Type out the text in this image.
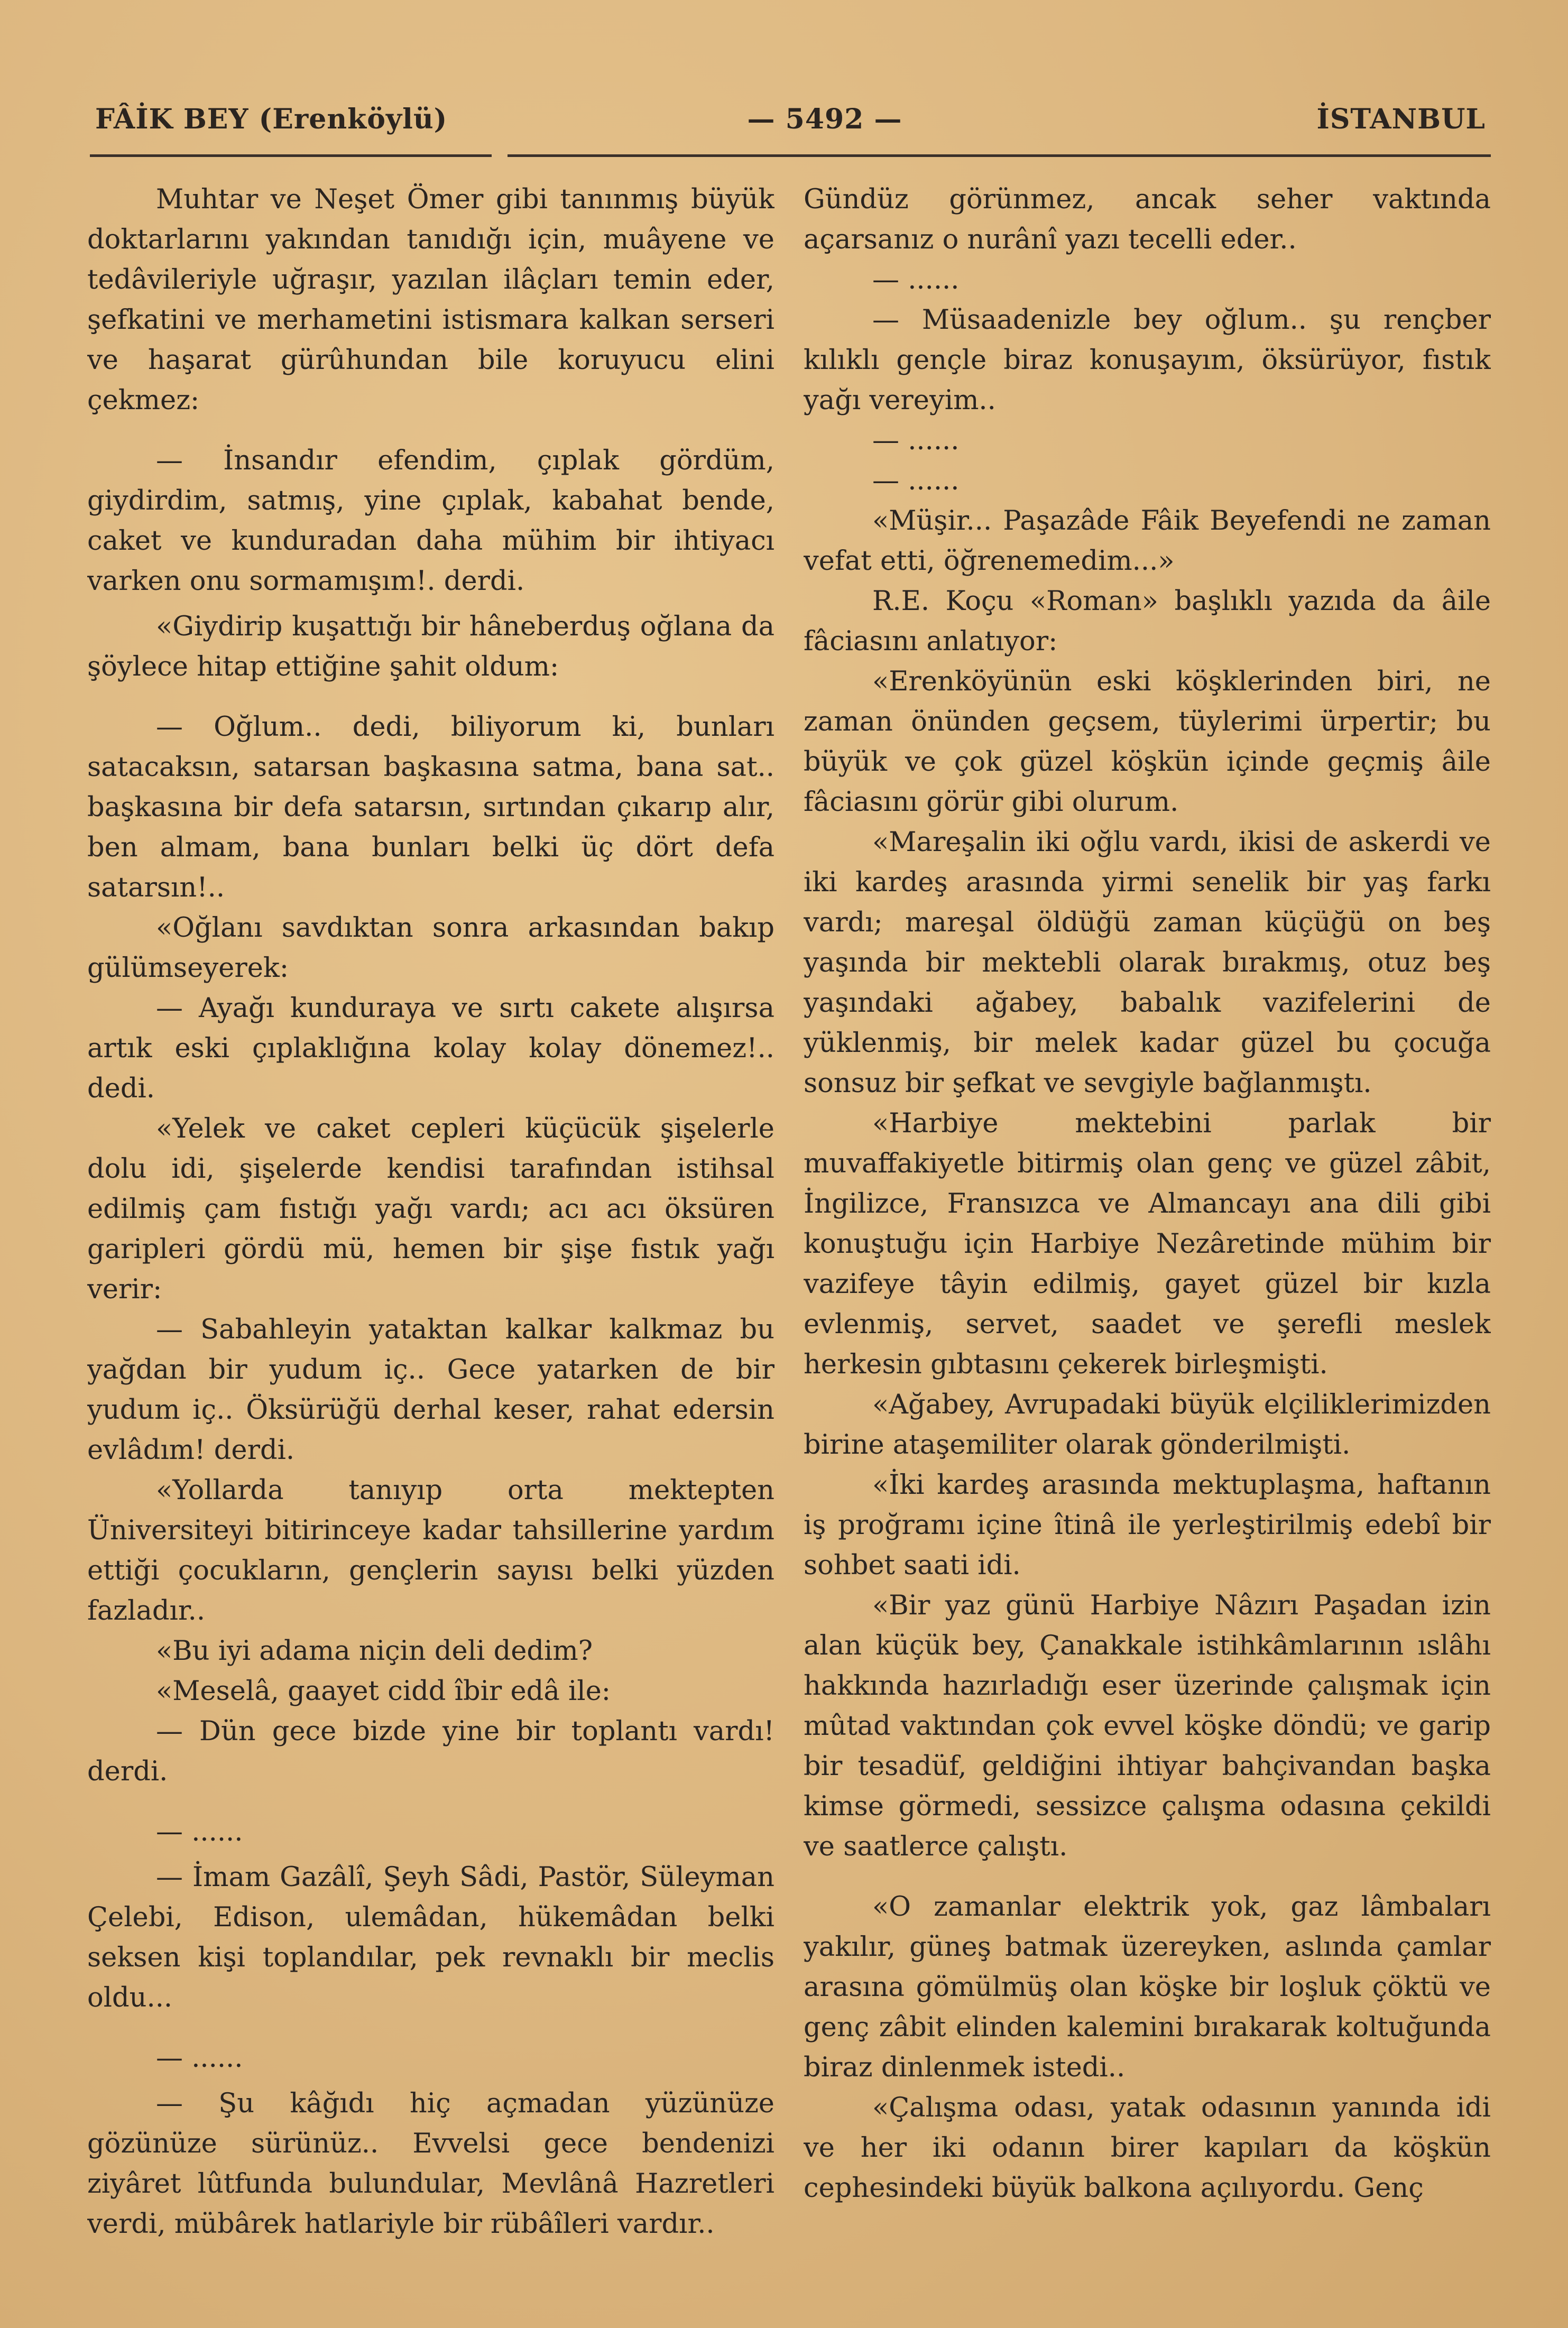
FÂİK BEY (Erenköylü)	— 5492 —	İSTANBUL

Muhtar ve Neşet Ömer gibi tanınmış büyük doktarlarını yakından tanıdığı için, muâyene ve tedâvileriyle uğraşır, yazılan ilâçları temin eder, şefkatini ve merhametini istismara kalkan serseri ve haşarat gürûhundan bile koruyucu elini çekmez:

— İnsandır efendim, çıplak gördüm, giydirdim, satmış, yine çıplak, kabahat bende, caket ve kunduradan daha mühim bir ihtiyacı varken onu sormamışım!. derdi.

«Giydirip kuşattığı bir hâneberduş oğlana da şöylece hitap ettiğine şahit oldum:

— Oğlum.. dedi, biliyorum ki, bunları satacaksın, satarsan başkasına satma, bana sat.. başkasına bir defa satarsın, sırtından çıkarıp alır, ben almam, bana bunları belki üç dört defa satarsın!..

«Oğlanı savdıktan sonra arkasından bakıp gülümseyerek:

— Ayağı kunduraya ve sırtı cakete alışırsa artık eski çıplaklığına kolay kolay dönemez!.. dedi.

«Yelek ve caket cepleri küçücük şişelerle dolu idi, şişelerde kendisi tarafından istihsal edilmiş çam fıstığı yağı vardı; acı acı öksüren garipleri gördü mü, hemen bir şişe fıstık yağı verir:

— Sabahleyin yataktan kalkar kalkmaz bu yağdan bir yudum iç.. Gece yatarken de bir yudum iç.. Öksürüğü derhal keser, rahat edersin evlâdım! derdi.

«Yollarda tanıyıp orta mektepten Üniversiteyi bitirinceye kadar tahsillerine yardım ettiği çocukların, gençlerin sayısı belki yüzden fazladır..

«Bu iyi adama niçin deli dedim?

«Meselâ, gaayet cidd îbir edâ ile:

— Dün gece bizde yine bir toplantı vardı! derdi.

— ......

— İmam Gazâlî, Şeyh Sâdi, Pastör, Süleyman Çelebi, Edison, ulemâdan, hükemâdan belki seksen kişi toplandılar, pek revnaklı bir meclis oldu...

— ......

— Şu kâğıdı hiç açmadan yüzünüze gözünüze sürünüz.. Evvelsi gece bendenizi ziyâret lûtfunda bulundular, Mevlânâ Hazretleri verdi, mübârek hatlariyle bir rübâîleri vardır..

Gündüz görünmez, ancak seher vaktında açarsanız o nurânî yazı tecelli eder..

— ......

— Müsaadenizle bey oğlum.. şu rençber kılıklı gençle biraz konuşayım, öksürüyor, fıstık yağı vereyim..

— ......

— ......

«Müşir... Paşazâde Fâik Beyefendi ne zaman vefat etti, öğrenemedim...»

R.E. Koçu «Roman» başlıklı yazıda da âile fâciasını anlatıyor:

«Erenköyünün eski köşklerinden biri, ne zaman önünden geçsem, tüylerimi ürpertir; bu büyük ve çok güzel köşkün içinde geçmiş âile fâciasını görür gibi olurum.

«Mareşalin iki oğlu vardı, ikisi de askerdi ve iki kardeş arasında yirmi senelik bir yaş farkı vardı; mareşal öldüğü zaman küçüğü on beş yaşında bir mektebli olarak bırakmış, otuz beş yaşındaki ağabey, babalık vazifelerini de yüklenmiş, bir melek kadar güzel bu çocuğa sonsuz bir şefkat ve sevgiyle bağlanmıştı.

«Harbiye mektebini parlak bir muvaffakiyetle bitirmiş olan genç ve güzel zâbit, İngilizce, Fransızca ve Almancayı ana dili gibi konuştuğu için Harbiye Nezâretinde mühim bir vazifeye tâyin edilmiş, gayet güzel bir kızla evlenmiş, servet, saadet ve şerefli meslek herkesin gıbtasını çekerek birleşmişti.

«Ağabey, Avrupadaki büyük elçiliklerimizden birine ataşemiliter olarak gönderilmişti.

«İki kardeş arasında mektuplaşma, haftanın iş proğramı içine îtinâ ile yerleştirilmiş edebî bir sohbet saati idi.

«Bir yaz günü Harbiye Nâzırı Paşadan izin alan küçük bey, Çanakkale istihkâmlarının ıslâhı hakkında hazırladığı eser üzerinde çalışmak için mûtad vaktından çok evvel köşke döndü; ve garip bir tesadüf, geldiğini ihtiyar bahçivandan başka kimse görmedi, sessizce çalışma odasına çekildi ve saatlerce çalıştı.

«O zamanlar elektrik yok, gaz lâmbaları yakılır, güneş batmak üzereyken, aslında çamlar arasına gömülmüş olan köşke bir loşluk çöktü ve genç zâbit elinden kalemini bırakarak koltuğunda biraz dinlenmek istedi..

«Çalışma odası, yatak odasının yanında idi ve her iki odanın birer kapıları da köşkün cephesindeki büyük balkona açılıyordu. Genç
